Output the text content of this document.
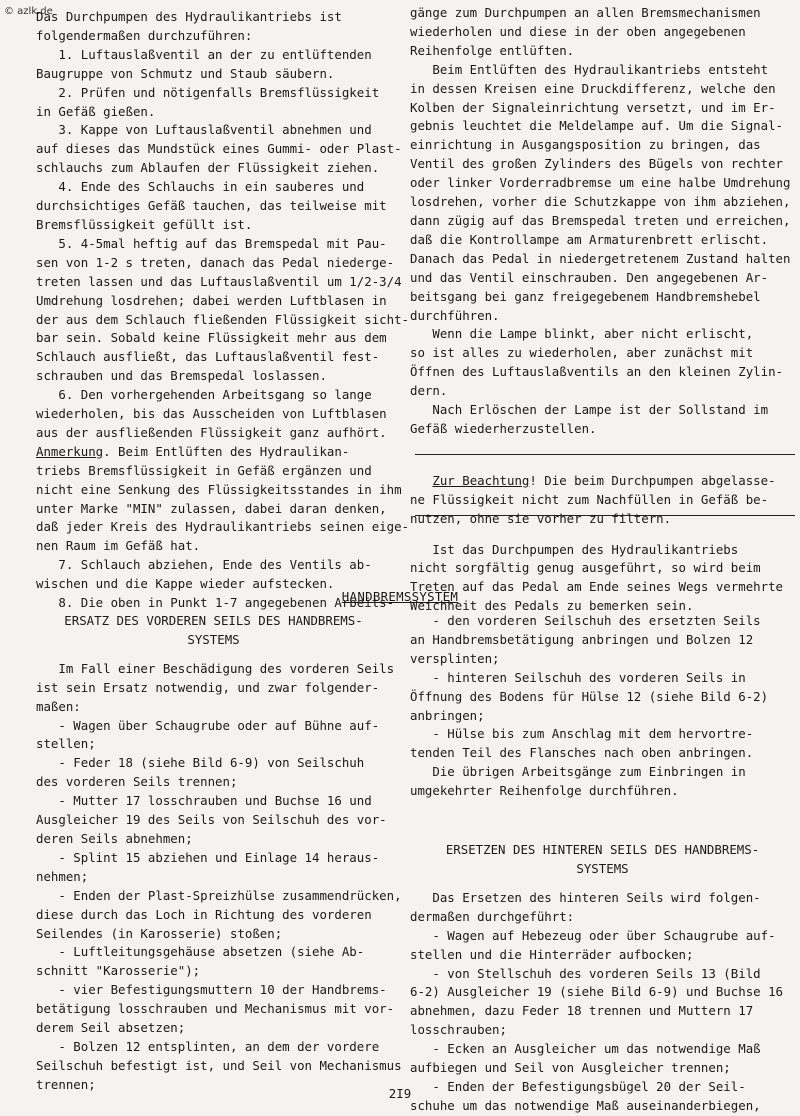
© azlk.de

Das Durchpumpen des Hydraulikantriebs ist

folgendermaßen durchzuführen:

1. Luftauslaßventil an der zu entlüftenden

Baugruppe von Schmutz und Staub säubern.

2. Prüfen und nötigenfalls Bremsflüssigkeit

in Gefäß gießen.

3. Kappe von Luftauslaßventil abnehmen und

auf dieses das Mundstück eines Gummi- oder Plast-

schlauchs zum Ablaufen der Flüssigkeit ziehen.

4. Ende des Schlauchs in ein sauberes und

durchsichtiges Gefäß tauchen, das teilweise mit

Bremsflüssigkeit gefüllt ist.

5. 4-5mal heftig auf das Bremspedal mit Pau-

sen von 1-2 s treten, danach das Pedal niederge-

treten lassen und das Luftauslaßventil um 1/2-3/4

Umdrehung losdrehen; dabei werden Luftblasen in

der aus dem Schlauch fließenden Flüssigkeit sicht-

bar sein. Sobald keine Flüssigkeit mehr aus dem

Schlauch ausfließt, das Luftauslaßventil fest-

schrauben und das Bremspedal loslassen.

6. Den vorhergehenden Arbeitsgang so lange

wiederholen, bis das Ausscheiden von Luftblasen

aus der ausfließenden Flüssigkeit ganz aufhört.

Anmerkung. Beim Entlüften des Hydraulikan-

triebs Bremsflüssigkeit in Gefäß ergänzen und

nicht eine Senkung des Flüssigkeitsstandes in ihm

unter Marke "MIN" zulassen, dabei daran denken,

daß jeder Kreis des Hydraulikantriebs seinen eige-

nen Raum im Gefäß hat.

7. Schlauch abziehen, Ende des Ventils ab-

wischen und die Kappe wieder aufstecken.

8. Die oben in Punkt 1-7 angegebenen Arbeits-

gänge zum Durchpumpen an allen Bremsmechanismen

wiederholen und diese in der oben angegebenen

Reihenfolge entlüften.

Beim Entlüften des Hydraulikantriebs entsteht

in dessen Kreisen eine Druckdifferenz, welche den

Kolben der Signaleinrichtung versetzt, und im Er-

gebnis leuchtet die Meldelampe auf. Um die Signal-

einrichtung in Ausgangsposition zu bringen, das

Ventil des großen Zylinders des Bügels von rechter

oder linker Vorderradbremse um eine halbe Umdrehung

losdrehen, vorher die Schutzkappe von ihm abziehen,

dann zügig auf das Bremspedal treten und erreichen,

daß die Kontrollampe am Armaturenbrett erlischt.

Danach das Pedal in niedergetretenem Zustand halten

und das Ventil einschrauben. Den angegebenen Ar-

beitsgang bei ganz freigegebenem Handbremshebel

durchführen.

Wenn die Lampe blinkt, aber nicht erlischt,

so ist alles zu wiederholen, aber zunächst mit

Öffnen des Luftauslaßventils an den kleinen Zylin-

dern.

Nach Erlöschen der Lampe ist der Sollstand im

Gefäß wiederherzustellen.

Zur Beachtung! Die beim Durchpumpen abgelasse-

ne Flüssigkeit nicht zum Nachfüllen in Gefäß be-

nutzen, ohne sie vorher zu filtern.

Ist das Durchpumpen des Hydraulikantriebs

nicht sorgfältig genug ausgeführt, so wird beim

Treten auf das Pedal am Ende seines Wegs vermehrte

Weichheit des Pedals zu bemerken sein.

HANDBREMSSYSTEM

ERSATZ DES VORDEREN SEILS DES HANDBREMS-

SYSTEMS

Im Fall einer Beschädigung des vorderen Seils

ist sein Ersatz notwendig, und zwar folgender-

maßen:

- Wagen über Schaugrube oder auf Bühne auf-

stellen;

- Feder 18 (siehe Bild 6-9) von Seilschuh

des vorderen Seils trennen;

- Mutter 17 losschrauben und Buchse 16 und

Ausgleicher 19 des Seils von Seilschuh des vor-

deren Seils abnehmen;

- Splint 15 abziehen und Einlage 14 heraus-

nehmen;

- Enden der Plast-Spreizhülse zusammendrücken,

diese durch das Loch in Richtung des vorderen

Seilendes (in Karosserie) stoßen;

- Luftleitungsgehäuse absetzen (siehe Ab-

schnitt "Karosserie");

- vier Befestigungsmuttern 10 der Handbrems-

betätigung losschrauben und Mechanismus mit vor-

derem Seil absetzen;

- Bolzen 12 entsplinten, an dem der vordere

Seilschuh befestigt ist, und Seil von Mechanismus

trennen;

- den vorderen Seilschuh des ersetzten Seils

an Handbremsbetätigung anbringen und Bolzen 12

versplinten;

- hinteren Seilschuh des vorderen Seils in

Öffnung des Bodens für Hülse 12 (siehe Bild 6-2)

anbringen;

- Hülse bis zum Anschlag mit dem hervortre-

tenden Teil des Flansches nach oben anbringen.

Die übrigen Arbeitsgänge zum Einbringen in

umgekehrter Reihenfolge durchführen.

ERSETZEN DES HINTEREN SEILS DES HANDBREMS-

SYSTEMS

Das Ersetzen des hinteren Seils wird folgen-

dermaßen durchgeführt:

- Wagen auf Hebezeug oder über Schaugrube auf-

stellen und die Hinterräder aufbocken;

- von Stellschuh des vorderen Seils 13 (Bild

6-2) Ausgleicher 19 (siehe Bild 6-9) und Buchse 16

abnehmen, dazu Feder 18 trennen und Muttern 17

losschrauben;

- Ecken an Ausgleicher um das notwendige Maß

aufbiegen und Seil von Ausgleicher trennen;

- Enden der Befestigungsbügel 20 der Seil-

schuhe um das notwendige Maß auseinanderbiegen,

2I9
